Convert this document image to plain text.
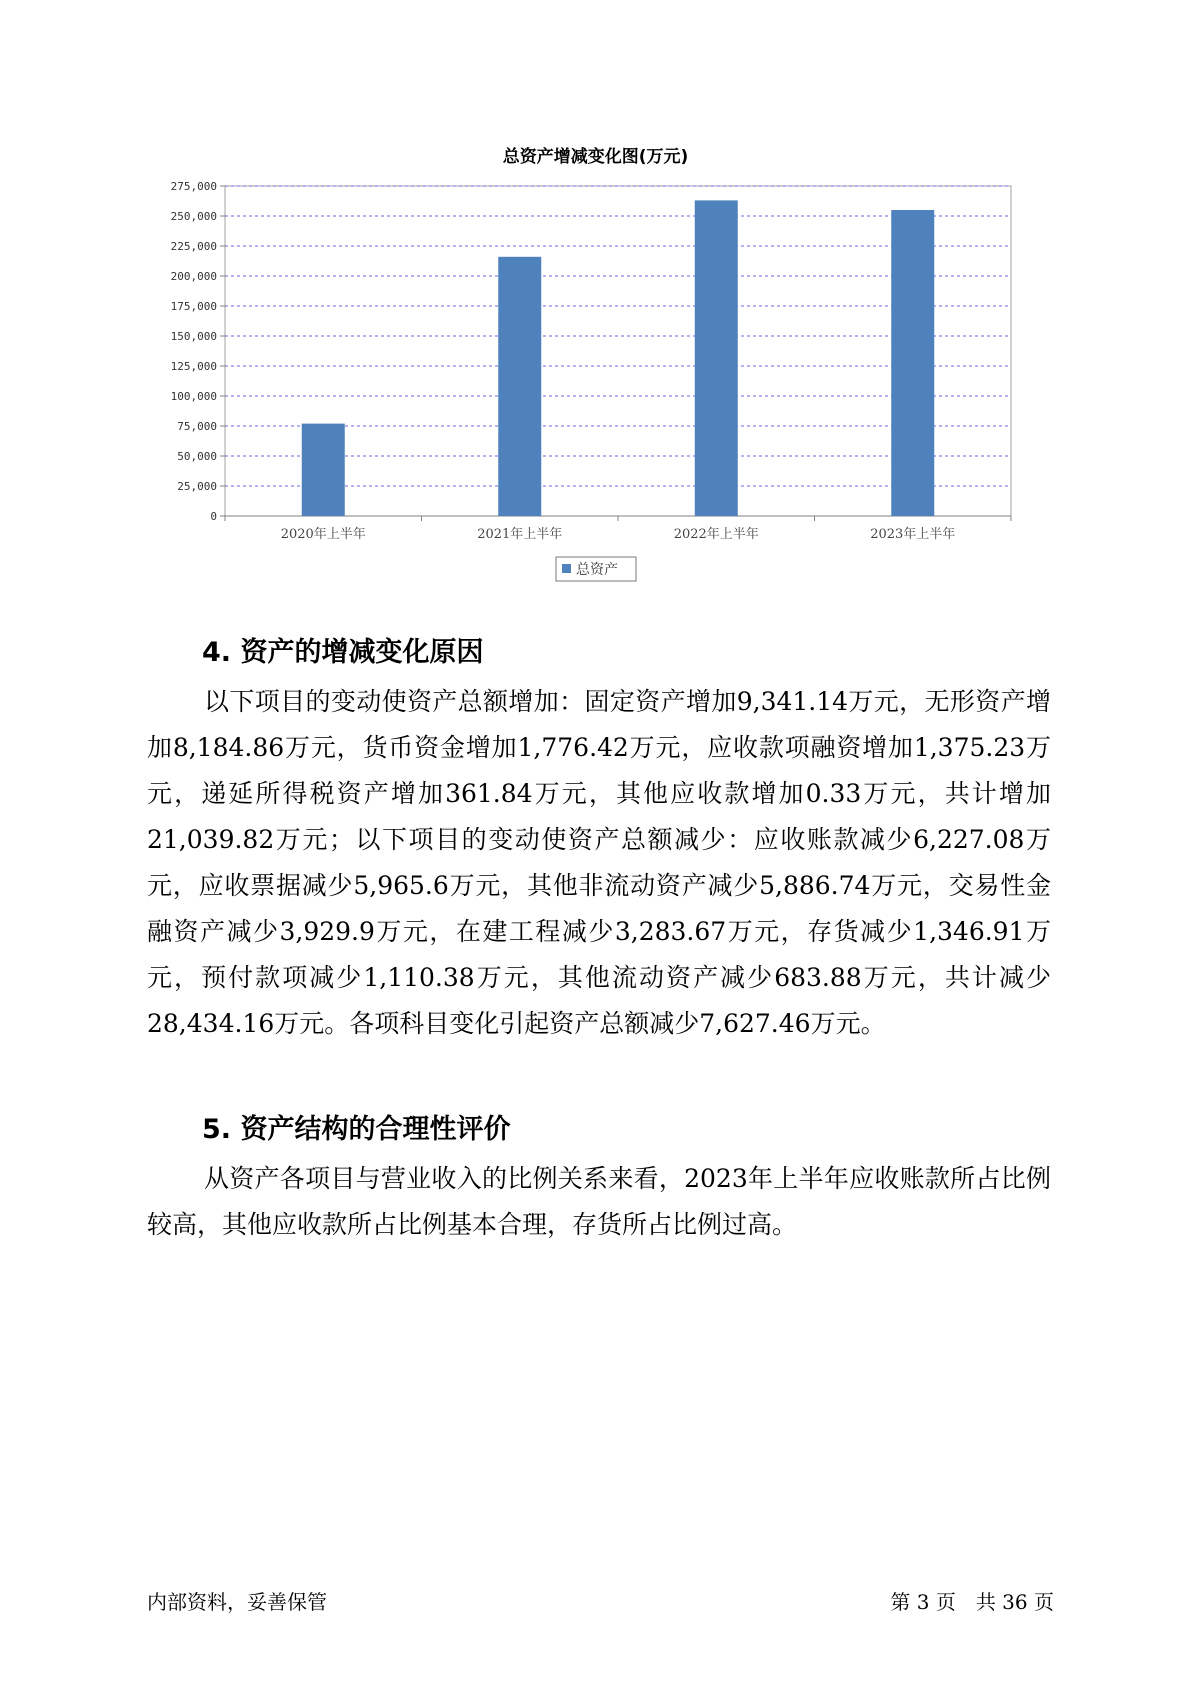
总资产增减变化图(万元)
0
25,000
50,000
75,000
100,000
125,000
150,000
175,000
200,000
225,000
250,000
275,000
2020年上半年	2021年上半年	2022年上半年	2023年上半年
总资产
4. 资产的增减变化原因

以下项目的变动使资产总额增加：固定资产增加9,341.14万元，无形资产增加8,184.86万元，货币资金增加1,776.42万元，应收款项融资增加1,375.23万元，递延所得税资产增加361.84万元，其他应收款增加0.33万元，共计增加21,039.82万元；以下项目的变动使资产总额减少：应收账款减少6,227.08万元，应收票据减少5,965.6万元，其他非流动资产减少5,886.74万元，交易性金融资产减少3,929.9万元，在建工程减少3,283.67万元，存货减少1,346.91万元，预付款项减少1,110.38万元，其他流动资产减少683.88万元，共计减少28,434.16万元。各项科目变化引起资产总额减少7,627.46万元。

5. 资产结构的合理性评价

从资产各项目与营业收入的比例关系来看，2023年上半年应收账款所占比例较高，其他应收款所占比例基本合理，存货所占比例过高。

内部资料，妥善保管	第 3 页　共 36 页
